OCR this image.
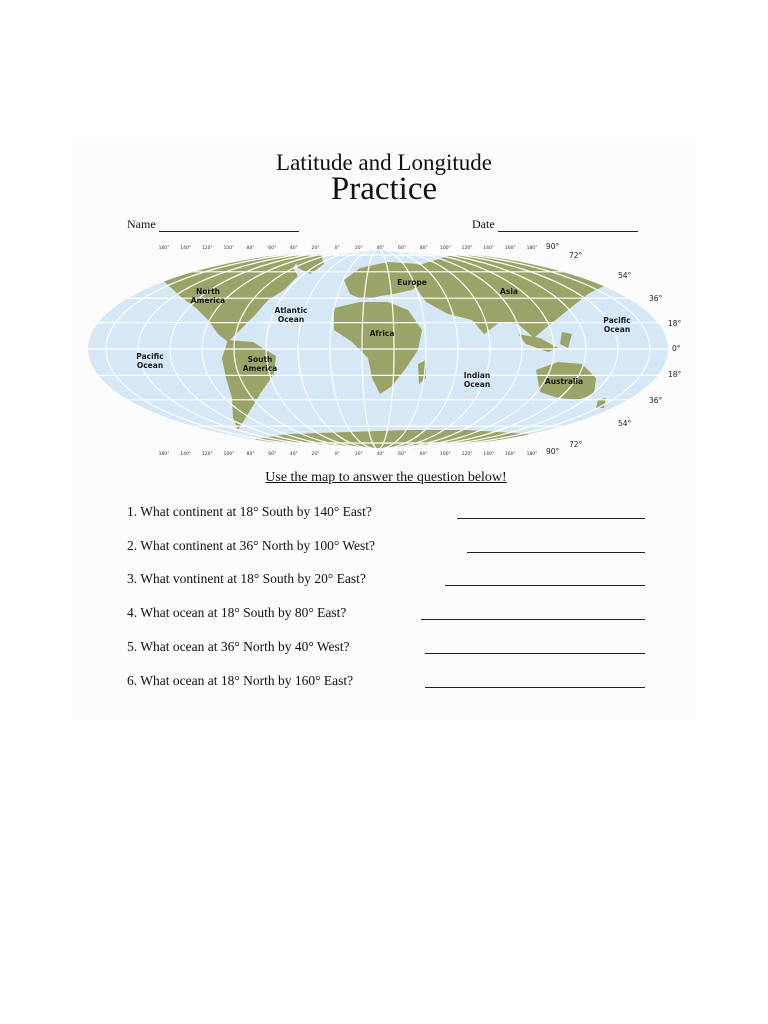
Latitude and Longitude
Practice
Name	Date
North America
South America
Europe
Asia
Africa
Australia
Atlantic Ocean
Pacific Ocean
Pacific Ocean
Indian Ocean
160° 140° 120° 100°	80°	60°	40°	20°	0°	20°	40°	60°	80°	100° 120° 140° 160° 180°
160° 140° 120° 100°	80°	60°	40°	20°	0°	20°	40°	60°	80°	100° 120° 140° 160° 180°
90°
72°
54°
36°
18°
0°
18°
36°
54°
72°
90°
Use the map to answer the question below!
1. What continent at 18° South by 140° East?
2. What continent at 36° North by 100° West?
3. What vontinent at 18° South by 20° East?
4. What ocean at 18° South by 80° East?
5. What ocean at 36° North by 40° West?
6. What ocean at 18° North by 160° East?
